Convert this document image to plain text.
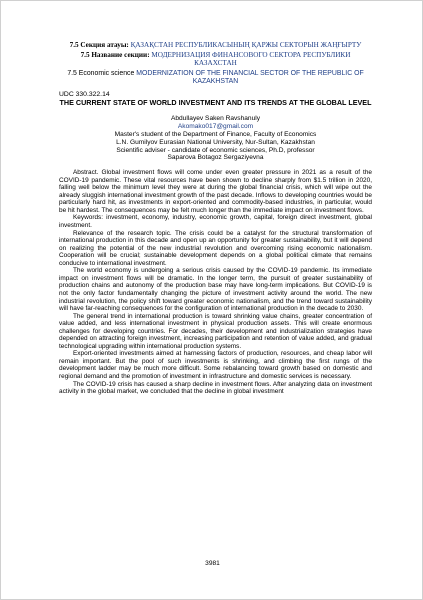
7.5 Секция атауы: ҚАЗАҚСТАН РЕСПУБЛИКАСЫНЫҢ ҚАРЖЫ СЕКТОРЫН ЖАҢҒЫРТУ
7.5 Название секции: МОДЕРНИЗАЦИЯ ФИНАНСОВОГО СЕКТОРА РЕСПУБЛИКИ КАЗАХСТАН
7.5 Economic science MODERNIZATION OF THE FINANCIAL SECTOR OF THE REPUBLIC OF KAZAKHSTAN
UDC 330.322.14
THE CURRENT STATE OF WORLD INVESTMENT AND ITS TRENDS AT THE GLOBAL LEVEL
Abdullayev Saken Ravshanuly
Akomako017@gmail.com
Master's student of the Department of Finance, Faculty of Economics
L.N. Gumilyov Eurasian National University, Nur-Sultan, Kazakhstan
Scientific adviser - candidate of economic sciences, Ph.D, professor
Saparova Botagoz Sergaziyevna

Abstract. Global investment flows will come under even greater pressure in 2021 as a result of the COVID-19 pandemic. These vital resources have been shown to decline sharply from $1.5 trillion in 2020, falling well below the minimum level they were at during the global financial crisis, which will wipe out the already sluggish international investment growth of the past decade. Inflows to developing countries would be particularly hard hit, as investments in export-oriented and commodity-based industries, in particular, would be hit hardest. The consequences may be felt much longer than the immediate impact on investment flows.

Keywords: investment, economy, industry, economic growth, capital, foreign direct investment, global investment.

Relevance of the research topic. The crisis could be a catalyst for the structural transformation of international production in this decade and open up an opportunity for greater sustainability, but it will depend on realizing the potential of the new industrial revolution and overcoming rising economic nationalism. Cooperation will be crucial; sustainable development depends on a global political climate that remains conducive to international investment.

The world economy is undergoing a serious crisis caused by the COVID-19 pandemic. Its immediate impact on investment flows will be dramatic. In the longer term, the pursuit of greater sustainability of production chains and autonomy of the production base may have long-term implications. But COVID-19 is not the only factor fundamentally changing the picture of investment activity around the world. The new industrial revolution, the policy shift toward greater economic nationalism, and the trend toward sustainability will have far-reaching consequences for the configuration of international production in the decade to 2030.

The general trend in international production is toward shrinking value chains, greater concentration of value added, and less international investment in physical production assets. This will create enormous challenges for developing countries. For decades, their development and industrialization strategies have depended on attracting foreign investment, increasing participation and retention of value added, and gradual technological upgrading within international production systems.

Export-oriented investments aimed at harnessing factors of production, resources, and cheap labor will remain important. But the pool of such investments is shrinking, and climbing the first rungs of the development ladder may be much more difficult. Some rebalancing toward growth based on domestic and regional demand and the promotion of investment in infrastructure and domestic services is necessary.

The COVID-19 crisis has caused a sharp decline in investment flows. After analyzing data on investment activity in the global market, we concluded that the decline in global investment

3981
